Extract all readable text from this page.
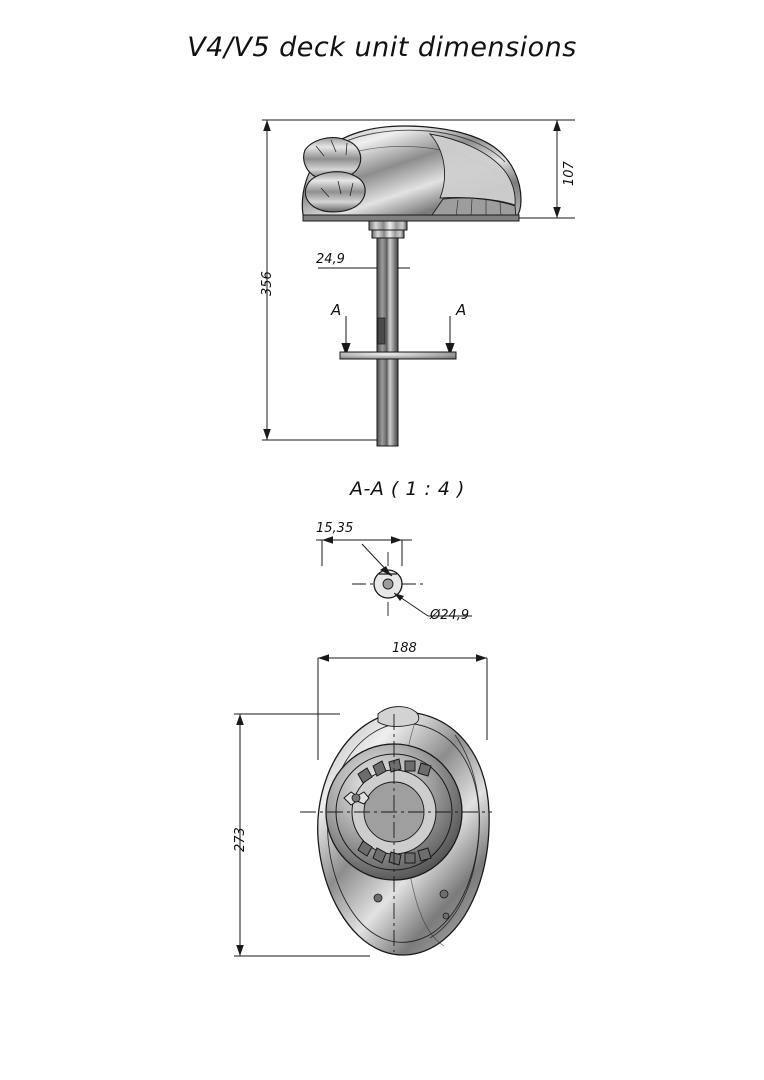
V4/V5 deck unit dimensions
107
356
24,9
A	A
A-A ( 1 : 4 )
15,35
Ø24,9
188
273
